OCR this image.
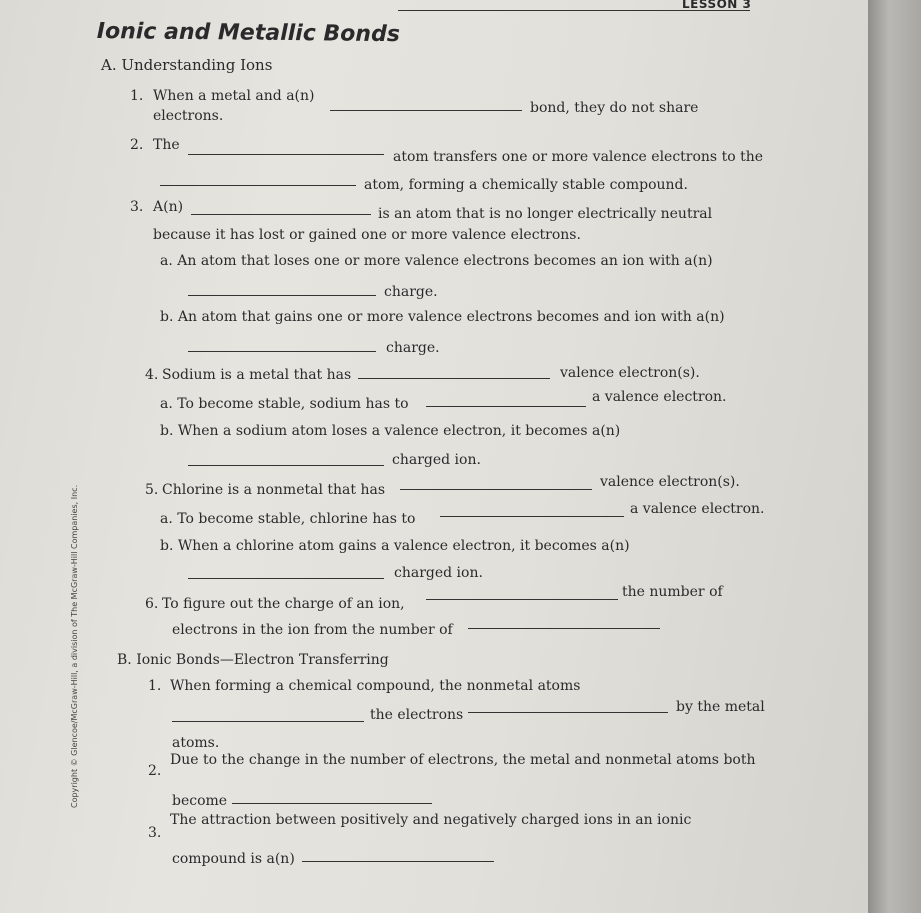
LESSON 3
Ionic and Metallic Bonds
A. Understanding Ions
1. When a metal and a(n)
bond, they do not share
electrons.
2. The
atom transfers one or more valence electrons to the
atom, forming a chemically stable compound.
3. A(n)	is an atom that is no longer electrically neutral
because it has lost or gained one or more valence electrons.
a. An atom that loses one or more valence electrons becomes an ion with a(n)
charge.
b. An atom that gains one or more valence electrons becomes and ion with a(n)
charge.
4. Sodium is a metal that has	valence electron(s).
a. To become stable, sodium has to	a valence electron.
b. When a sodium atom loses a valence electron, it becomes a(n)
charged ion.
5. Chlorine is a nonmetal that has	valence electron(s).
a. To become stable, chlorine has to
a valence electron.
b. When a chlorine atom gains a valence electron, it becomes a(n)
charged ion.
6. To figure out the charge of an ion,
the number of
electrons in the ion from the number of
B. Ionic Bonds—Electron Transferring
1. When forming a chemical compound, the nonmetal atoms
the electrons	by the metal
atoms.
2.
Due to the change in the number of electrons, the metal and nonmetal atoms both
become
3.
The attraction between positively and negatively charged ions in an ionic
compound is a(n)
Copyright © Glencoe/McGraw-Hill, a division of The McGraw-Hill Companies, Inc.
